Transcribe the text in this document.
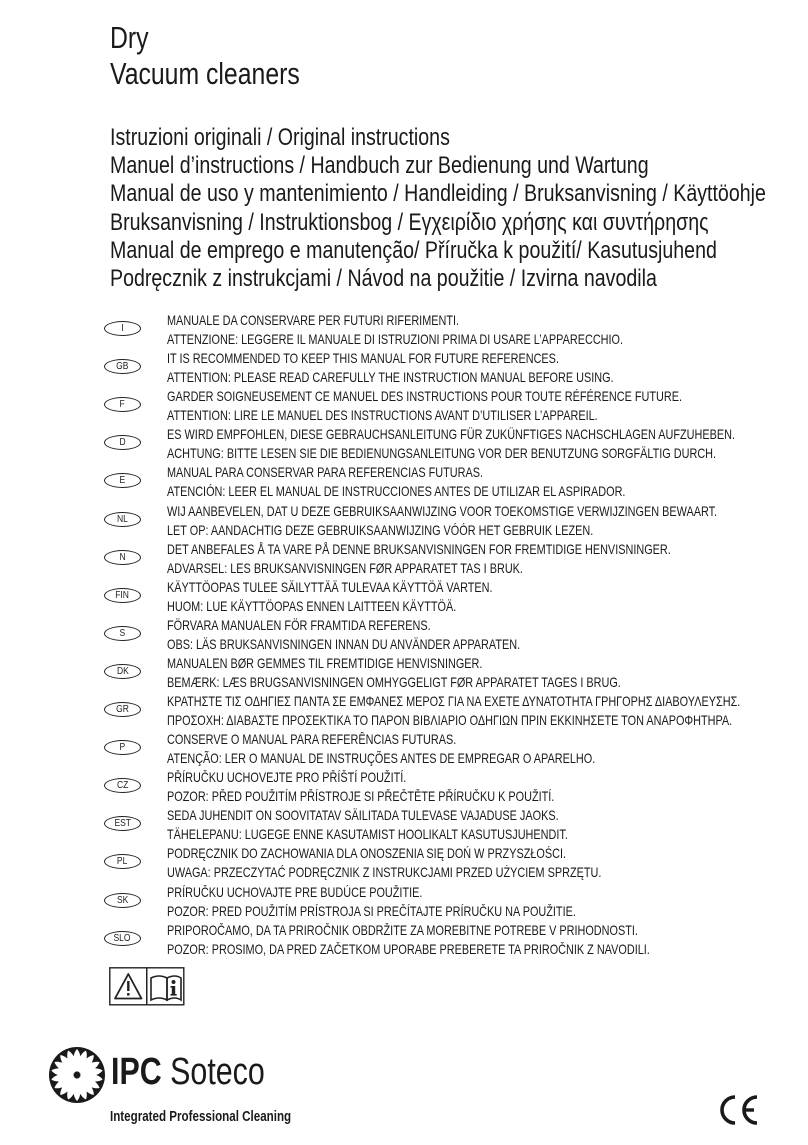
Dry
Vacuum cleaners
Istruzioni originali / Original instructions
Manuel d’instructions / Handbuch zur Bedienung und Wartung
Manual de uso y mantenimiento / Handleiding / Bruksanvisning / Käyttöohje
Bruksanvisning / Instruktionsbog / Εγχειρίδιο χρήσης και συντήρησης
Manual de emprego e manutenção/ Příručka k použití/ Kasutusjuhend
Podręcznik z instrukcjami / Návod na použitie / Izvirna navodila
I
MANUALE DA CONSERVARE PER FUTURI RIFERIMENTI.
ATTENZIONE: LEGGERE IL MANUALE DI ISTRUZIONI PRIMA DI USARE L’APPARECCHIO.
GB
IT IS RECOMMENDED TO KEEP THIS MANUAL FOR FUTURE REFERENCES.
ATTENTION: PLEASE READ CAREFULLY THE INSTRUCTION MANUAL BEFORE USING.
F
GARDER SOIGNEUSEMENT CE MANUEL DES INSTRUCTIONS POUR TOUTE RÉFÉRENCE FUTURE.
ATTENTION: LIRE LE MANUEL DES INSTRUCTIONS AVANT D’UTILISER L’APPAREIL.
D
ES WIRD EMPFOHLEN, DIESE GEBRAUCHSANLEITUNG FÜR ZUKÜNFTIGES NACHSCHLAGEN AUFZUHEBEN.
ACHTUNG: BITTE LESEN SIE DIE BEDIENUNGSANLEITUNG VOR DER BENUTZUNG SORGFÄLTIG DURCH.
E
MANUAL PARA CONSERVAR PARA REFERENCIAS FUTURAS.
ATENCIÓN: LEER EL MANUAL DE INSTRUCCIONES ANTES DE UTILIZAR EL ASPIRADOR.
NL
WIJ AANBEVELEN, DAT U DEZE GEBRUIKSAANWIJZING VOOR TOEKOMSTIGE VERWIJZINGEN BEWAART.
LET OP: AANDACHTIG DEZE GEBRUIKSAANWIJZING VÓÓR HET GEBRUIK LEZEN.
N
DET ANBEFALES Å TA VARE PÅ DENNE BRUKSANVISNINGEN FOR FREMTIDIGE HENVISNINGER.
ADVARSEL: LES BRUKSANVISNINGEN FØR APPARATET TAS I BRUK.
FIN
KÄYTTÖOPAS TULEE SÄILYTTÄÄ TULEVAA KÄYTTÖÄ VARTEN.
HUOM: LUE KÄYTTÖOPAS ENNEN LAITTEEN KÄYTTÖÄ.
S
FÖRVARA MANUALEN FÖR FRAMTIDA REFERENS.
OBS: LÄS BRUKSANVISNINGEN INNAN DU ANVÄNDER APPARATEN.
DK
MANUALEN BØR GEMMES TIL FREMTIDIGE HENVISNINGER.
BEMÆRK: LÆS BRUGSANVISNINGEN OMHYGGELIGT FØR APPARATET TAGES I BRUG.
GR
ΚΡΑΤΗΣΤΕ ΤΙΣ ΟΔΗΓΙΕΣ ΠΑΝΤΑ ΣΕ ΕΜΦΑΝΕΣ ΜΕΡΟΣ ΓΙΑ ΝΑ ΕΧΕΤΕ ΔΥΝΑΤΟΤΗΤΑ ΓΡΗΓΟΡΗΣ ΔΙΑΒΟΥΛΕΥΣΗΣ.
ΠΡΟΣΟΧΗ: ΔΙΑΒΑΣΤΕ ΠΡΟΣΕΚΤΙΚΑ ΤΟ ΠΑΡΟΝ ΒΙΒΛΙΑΡΙΟ ΟΔΗΓΙΩΝ ΠΡΙΝ ΕΚΚΙΝΗΣΕΤΕ ΤΟΝ ΑΝΑΡΟΦΗΤΗΡΑ.
P
CONSERVE O MANUAL PARA REFERÊNCIAS FUTURAS.
ATENÇÃO: LER O MANUAL DE INSTRUÇÕES ANTES DE EMPREGAR O APARELHO.
CZ
PŘÍRUČKU UCHOVEJTE PRO PŘÍŠTÍ POUŽITÍ.
POZOR: PŘED POUŽITÍM PŘÍSTROJE SI PŘEČTĚTE PŘÍRUČKU K POUŽITÍ.
EST
SEDA JUHENDIT ON SOOVITATAV SÄILITADA TULEVASE VAJADUSE JAOKS.
TÄHELEPANU: LUGEGE ENNE KASUTAMIST HOOLIKALT KASUTUSJUHENDIT.
PL
PODRĘCZNIK DO ZACHOWANIA DLA ONOSZENIA SIĘ DOŃ W PRZYSZŁOŚCI.
UWAGA: PRZECZYTAĆ PODRĘCZNIK Z INSTRUKCJAMI PRZED UŻYCIEM SPRZĘTU.
SK
PRÍRUČKU UCHOVAJTE PRE BUDÚCE POUŽITIE.
POZOR: PRED POUŽITÍM PRÍSTROJA SI PREČÍTAJTE PRÍRUČKU NA POUŽITIE.
SLO
PRIPOROČAMO, DA TA PRIROČNIK OBDRŽITE ZA MOREBITNE POTREBE V PRIHODNOSTI.
POZOR: PROSIMO, DA PRED ZAČETKOM UPORABE PREBERETE TA PRIROČNIK Z NAVODILI.
IPC Soteco
Integrated Professional Cleaning
